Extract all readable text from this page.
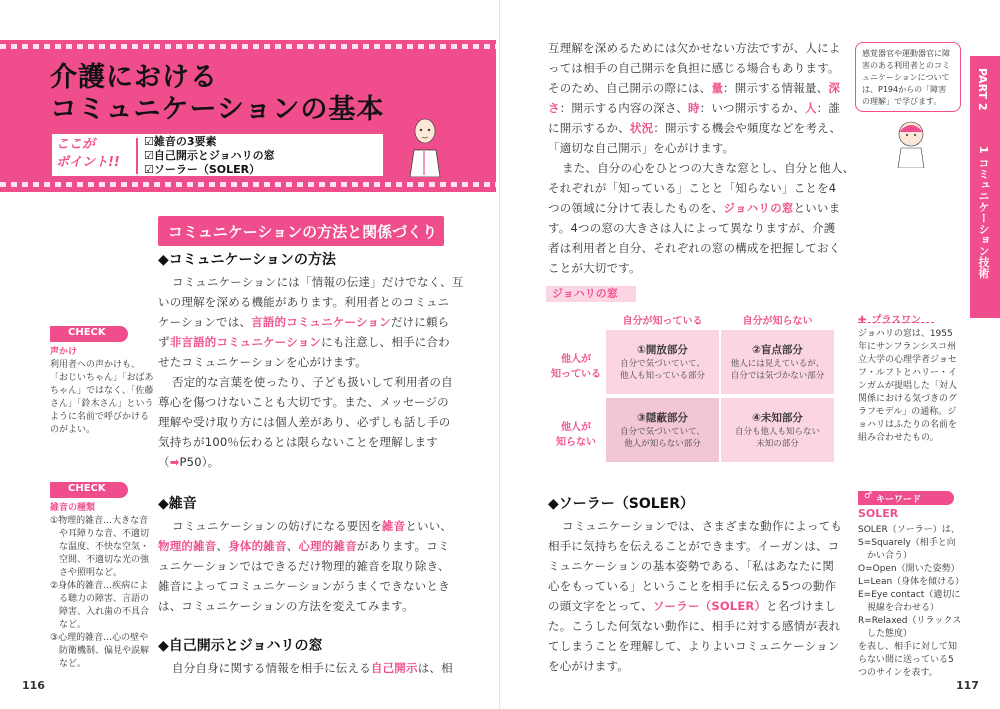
介護における
コミュニケーションの基本
ここが
ポイント!!
☑雑音の3要素
☑自己開示とジョハリの窓
☑ソーラー（SOLER）
コミュニケーションの方法と関係づくり
◆コミュニケーションの方法
コミュニケーションには「情報の伝達」だけでなく、互
いの理解を深める機能があります。利用者とのコミュニ
ケーションでは、言語的コミュニケーションだけに頼ら
ず非言語的コミュニケーションにも注意し、相手に合わ
せたコミュニケーションを心がけます。
否定的な言葉を使ったり、子ども扱いして利用者の自
尊心を傷つけないことも大切です。また、メッセージの
理解や受け取り方には個人差があり、必ずしも話し手の
気持ちが100％伝わるとは限らないことを理解します
（➡P50）。
◆雑音
コミュニケーションの妨げになる要因を雑音といい、
物理的雑音、身体的雑音、心理的雑音があります。コミ
ュニケーションではできるだけ物理的雑音を取り除き、
雑音によってコミュニケーションがうまくできないとき
は、コミュニケーションの方法を変えてみます。
◆自己開示とジョハリの窓
自分自身に関する情報を相手に伝える自己開示は、相
CHECK
声かけ
利用者への声かけも、
「おじいちゃん」「おばあ
ちゃん」ではなく、「佐藤
さん」「鈴木さん」という
ように名前で呼びかける
のがよい。
CHECK
雑音の種類
①物理的雑音…大きな音
　や耳障りな音、不適切
　な温度、不快な空気・
　空間、不適切な光の強
　さや照明など。
②身体的雑音…疾病によ
　る聴力の障害、言語の
　障害、入れ歯の不具合
　など。
③心理的雑音…心の壁や
　防衛機制、偏見や誤解
　など。
116
互理解を深めるためには欠かせない方法ですが、人によ
っては相手の自己開示を負担に感じる場合もあります。
そのため、自己開示の際には、量：開示する情報量、深
さ：開示する内容の深さ、時：いつ開示するか、人：誰
に開示するか、状況：開示する機会や頻度などを考え、
「適切な自己開示」を心がけます。
また、自分の心をひとつの大きな窓とし、自分と他人、
それぞれが「知っている」ことと「知らない」ことを4
つの領域に分けて表したものを、ジョハリの窓といいま
す。4つの窓の大きさは人によって異なりますが、介護
者は利用者と自分、それぞれの窓の構成を把握しておく
ことが大切です。
ジョハリの窓
自分が知っている	自分が知らない
他人が
知っている
他人が
知らない
①開放部分
自分で気づいていて、
他人も知っている部分
②盲点部分
他人には見えているが、
自分では気づかない部分
③隠蔽部分
自分で気づいていて、
他人が知らない部分
④未知部分
自分も他人も知らない
未知の部分
◆ソーラー（SOLER）
コミュニケーションでは、さまざまな動作によっても
相手に気持ちを伝えることができます。イーガンは、コ
ミュニケーションの基本姿勢である、「私はあなたに関
心をもっている」ということを相手に伝える5つの動作
の頭文字をとって、ソーラー（SOLER）と名づけまし
た。こうした何気ない動作に、相手に対する感情が表れ
てしまうことを理解して、よりよいコミュニケーション
を心がけます。
117
感覚器官や運動器官に障
害のある利用者とのコミ
ュニケーションについて
は、P194からの「障害
の理解」で学びます。	PART 2
1 コミュニケーション技術
✚ プラスワン
ジョハリの窓は、1955
年にサンフランシスコ州
立大学の心理学者ジョセ
フ・ルフトとハリー・イ
ンガムが提唱した「対人
関係における気づきのグ
ラフモデル」の通称。ジ
ョハリはふたりの名前を
組み合わせたもの。
♂ キーワード
SOLER
SOLER（ソーラー）は、
S=Squarely（相手と向
　かい合う）
O=Open（開いた姿勢）
L=Lean（身体を傾ける）
E=Eye contact（適切に
　視線を合わせる）
R=Relaxed（リラックス
　した態度）
を表し、相手に対して知
らない間に送っている5
つのサインを表す。
